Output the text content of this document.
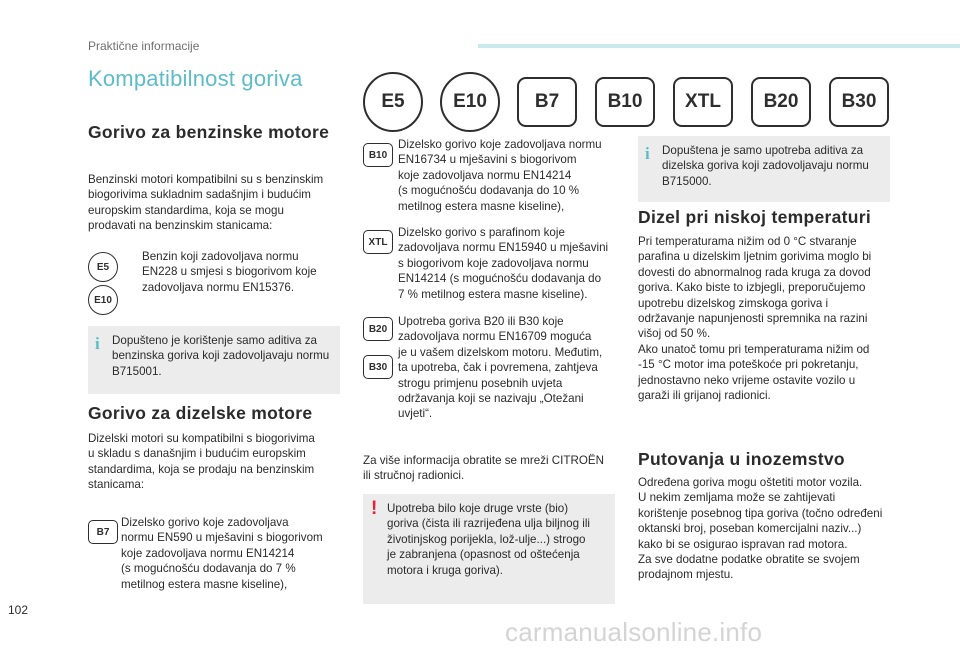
Praktične informacije
Kompatibilnost goriva
E5	E10	B7	B10	XTL	B20	B30
Gorivo za benzinske motore
Benzinski motori kompatibilni su s benzinskim
biogorivima sukladnim sadašnjim i budućim
europskim standardima, koja se mogu
prodavati na benzinskim stanicama:
E5
E10
Benzin koji zadovoljava normu
EN228 u smjesi s biogorivom koje
zadovoljava normu EN15376.
i Dopušteno je korištenje samo aditiva za
benzinska goriva koji zadovoljavaju normu
B715001.
Gorivo za dizelske motore
Dizelski motori su kompatibilni s biogorivima
u skladu s današnjim i budućim europskim
standardima, koja se prodaju na benzinskim
stanicama:
B7
Dizelsko gorivo koje zadovoljava
normu EN590 u mješavini s biogorivom
koje zadovoljava normu EN14214
(s mogućnošću dodavanja do 7 %
metilnog estera masne kiseline),
B10
Dizelsko gorivo koje zadovoljava normu
EN16734 u mješavini s biogorivom
koje zadovoljava normu EN14214
(s mogućnošću dodavanja do 10 %
metilnog estera masne kiseline),
XTL
Dizelsko gorivo s parafinom koje
zadovoljava normu EN15940 u mješavini
s biogorivom koje zadovoljava normu
EN14214 (s mogućnošću dodavanja do
7 % metilnog estera masne kiseline).
B20
B30
Upotreba goriva B20 ili B30 koje
zadovoljava normu EN16709 moguća
je u vašem dizelskom motoru. Međutim,
ta upotreba, čak i povremena, zahtjeva
strogu primjenu posebnih uvjeta
održavanja koji se nazivaju „Otežani
uvjeti“.
Za više informacija obratite se mreži CITROËN
ili stručnoj radionici.
! Upotreba bilo koje druge vrste (bio)
goriva (čista ili razrijeđena ulja biljnog ili
životinjskog porijekla, lož-ulje...) strogo
je zabranjena (opasnost od oštećenja
motora i kruga goriva).
i Dopuštena je samo upotreba aditiva za
dizelska goriva koji zadovoljavaju normu
B715000.
Dizel pri niskoj temperaturi
Pri temperaturama nižim od 0 °C stvaranje
parafina u dizelskim ljetnim gorivima moglo bi
dovesti do abnormalnog rada kruga za dovod
goriva. Kako biste to izbjegli, preporučujemo
upotrebu dizelskog zimskoga goriva i
održavanje napunjenosti spremnika na razini
višoj od 50 %.
Ako unatoč tomu pri temperaturama nižim od
-15 °C motor ima poteškoće pri pokretanju,
jednostavno neko vrijeme ostavite vozilo u
garaži ili grijanoj radionici.
Putovanja u inozemstvo
Određena goriva mogu oštetiti motor vozila.
U nekim zemljama može se zahtijevati
korištenje posebnog tipa goriva (točno određeni
oktanski broj, poseban komercijalni naziv...)
kako bi se osigurao ispravan rad motora.
Za sve dodatne podatke obratite se svojem
prodajnom mjestu.
102
carmanualsonline.info
